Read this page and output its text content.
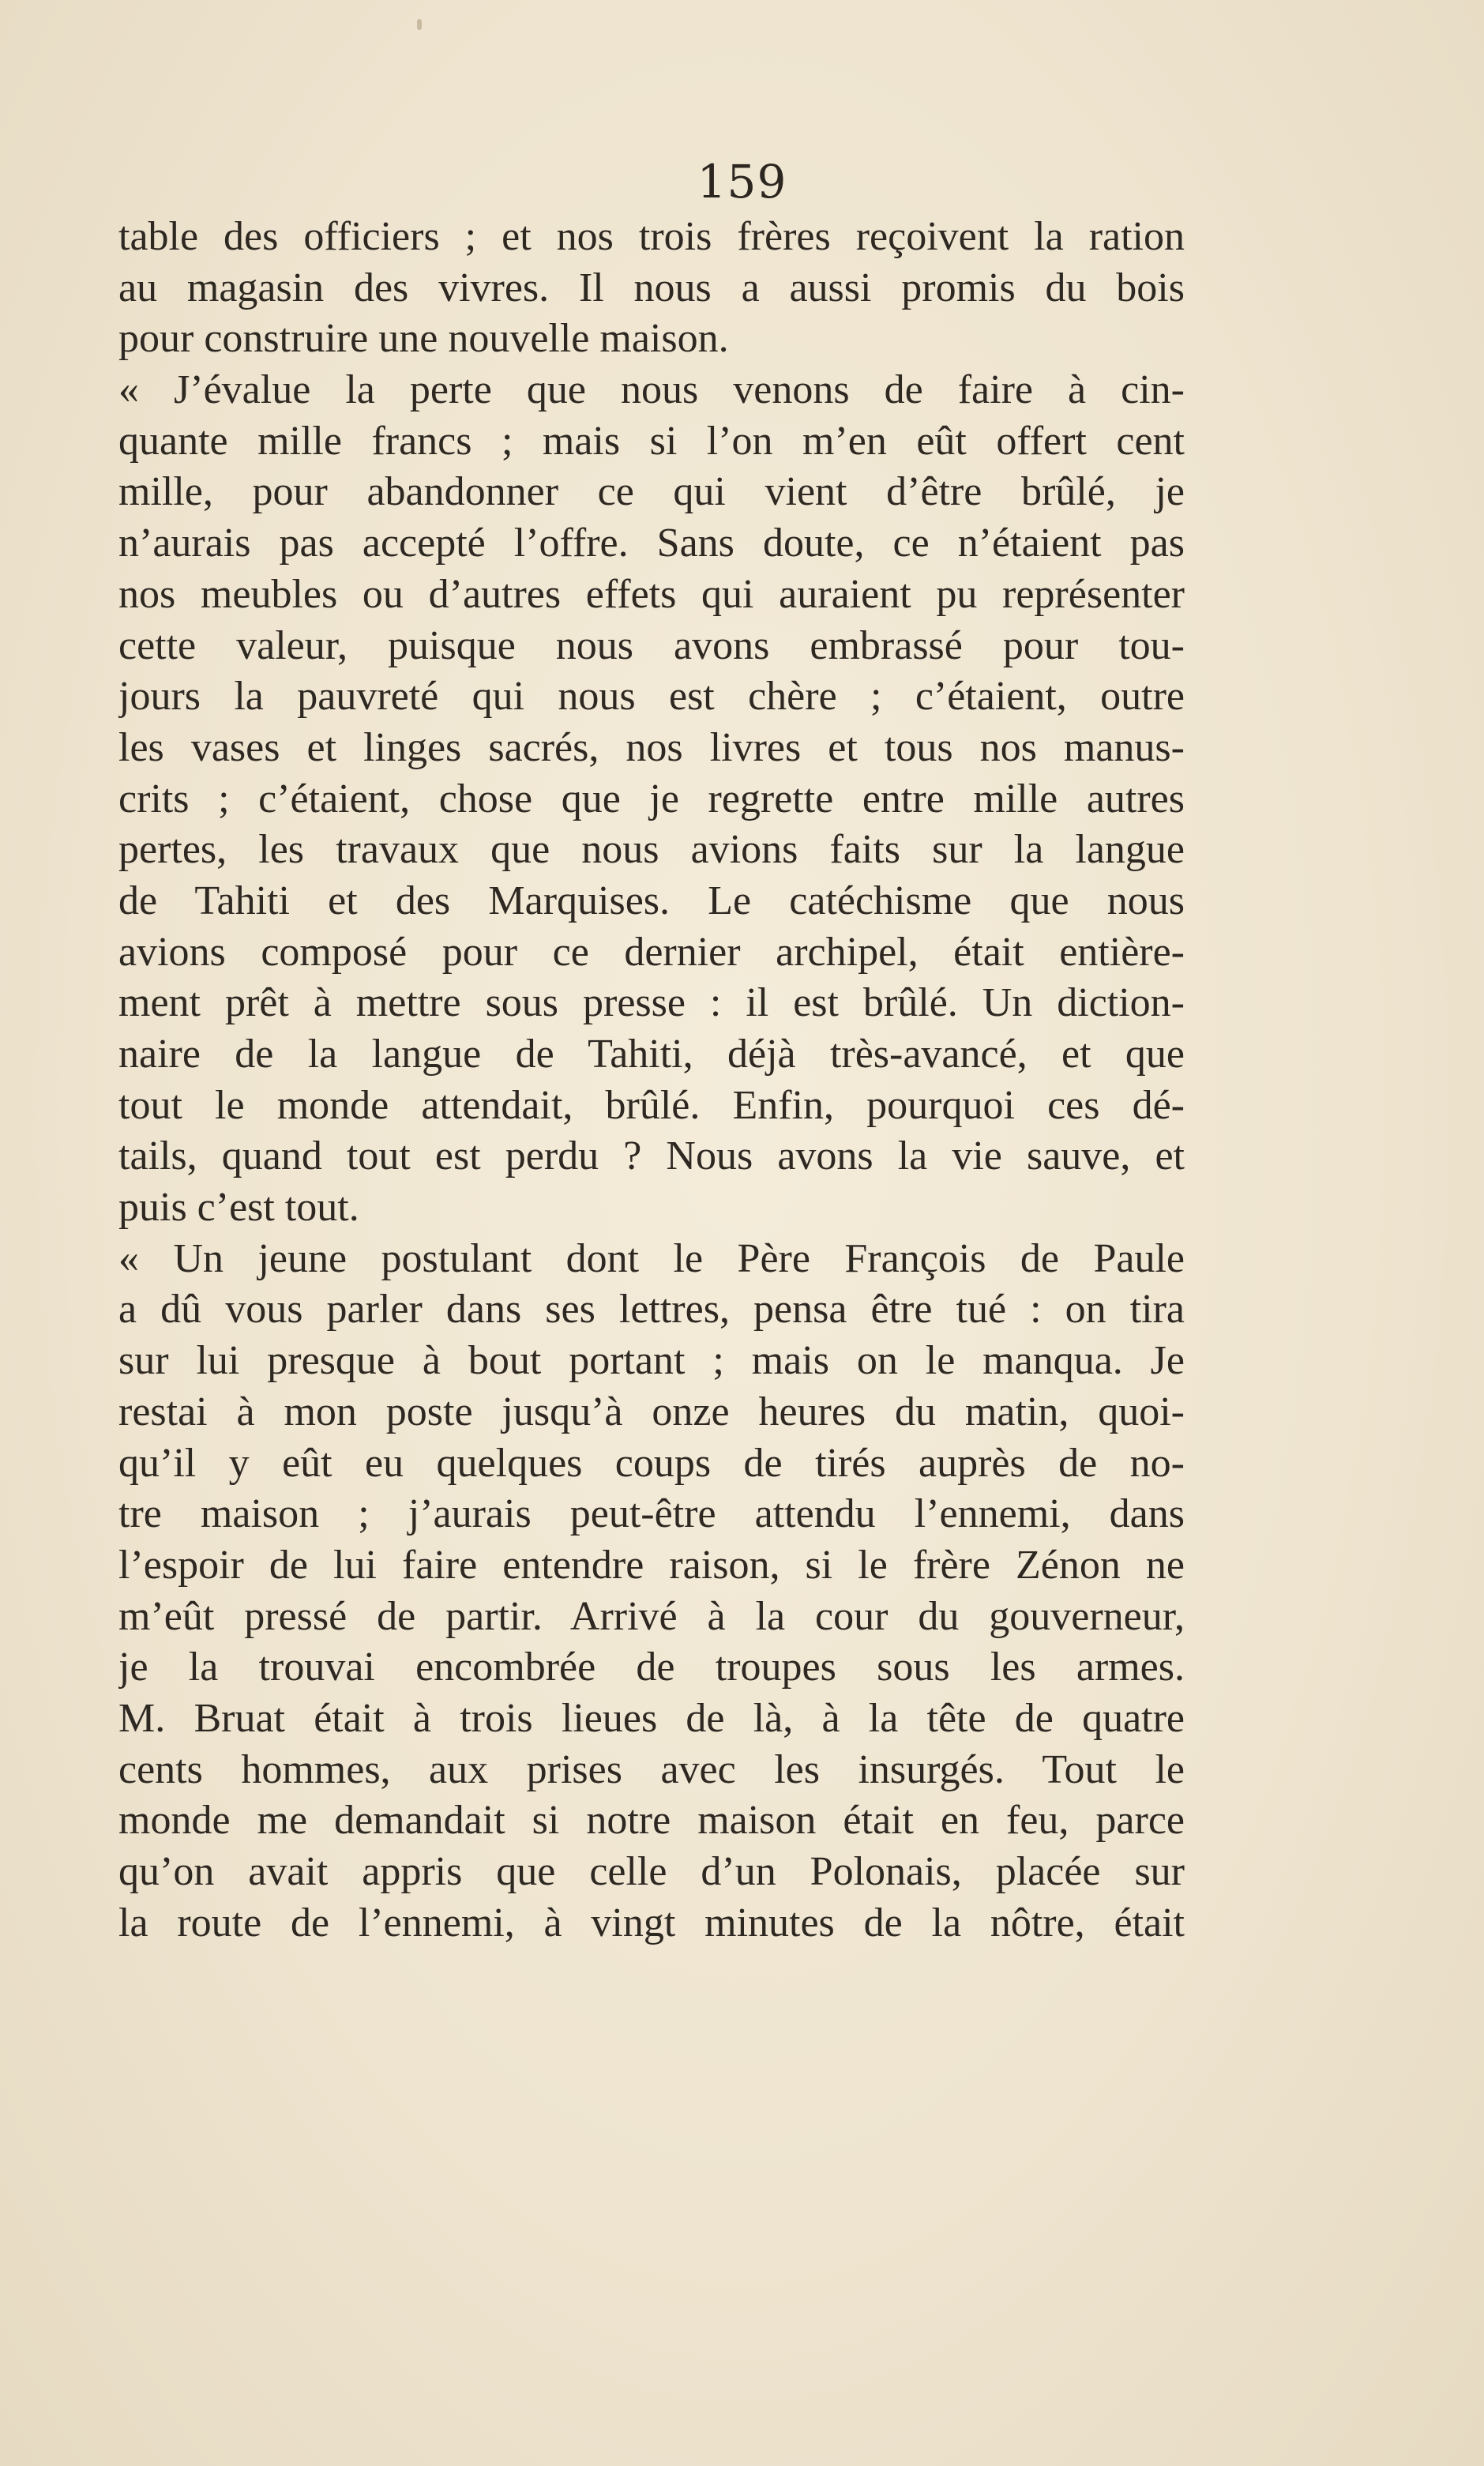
159
table des officiers ; et nos trois frères reçoivent la ration
au magasin des vivres. Il nous a aussi promis du bois
pour construire une nouvelle maison.
« J’évalue la perte que nous venons de faire à cin-
quante mille francs ; mais si l’on m’en eût offert cent
mille, pour abandonner ce qui vient d’être brûlé, je
n’aurais pas accepté l’offre. Sans doute, ce n’étaient pas
nos meubles ou d’autres effets qui auraient pu représenter
cette valeur, puisque nous avons embrassé pour tou-
jours la pauvreté qui nous est chère ; c’étaient, outre
les vases et linges sacrés, nos livres et tous nos manus-
crits ; c’étaient, chose que je regrette entre mille autres
pertes, les travaux que nous avions faits sur la langue
de Tahiti et des Marquises. Le catéchisme que nous
avions composé pour ce dernier archipel, était entière-
ment prêt à mettre sous presse : il est brûlé. Un diction-
naire de la langue de Tahiti, déjà très-avancé, et que
tout le monde attendait, brûlé. Enfin, pourquoi ces dé-
tails, quand tout est perdu ? Nous avons la vie sauve, et
puis c’est tout.
« Un jeune postulant dont le Père François de Paule
a dû vous parler dans ses lettres, pensa être tué : on tira
sur lui presque à bout portant ; mais on le manqua. Je
restai à mon poste jusqu’à onze heures du matin, quoi-
qu’il y eût eu quelques coups de tirés auprès de no-
tre maison ; j’aurais peut-être attendu l’ennemi, dans
l’espoir de lui faire entendre raison, si le frère Zénon ne
m’eût pressé de partir. Arrivé à la cour du gouverneur,
je la trouvai encombrée de troupes sous les armes.
M. Bruat était à trois lieues de là, à la tête de quatre
cents hommes, aux prises avec les insurgés. Tout le
monde me demandait si notre maison était en feu, parce
qu’on avait appris que celle d’un Polonais, placée sur
la route de l’ennemi, à vingt minutes de la nôtre, était
